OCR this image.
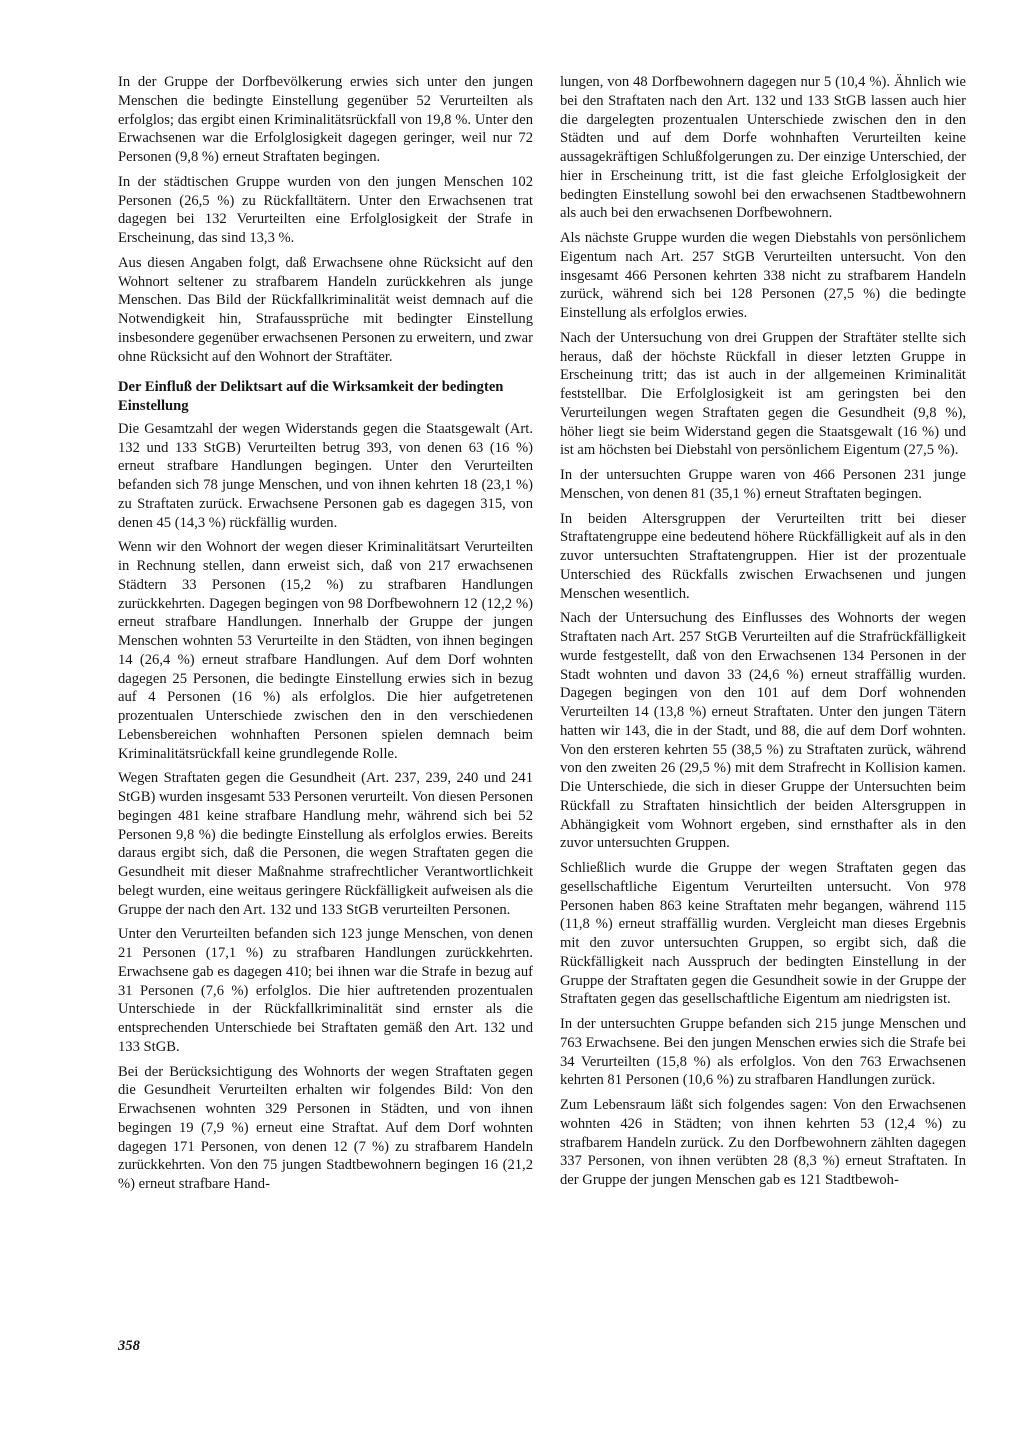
In der Gruppe der Dorfbevölkerung erwies sich unter den jungen Menschen die bedingte Einstellung gegenüber 52 Verurteilten als erfolglos; das ergibt einen Kriminalitätsrückfall von 19,8 %. Unter den Erwachsenen war die Erfolglosigkeit dagegen geringer, weil nur 72 Personen (9,8 %) erneut Straftaten begingen.

In der städtischen Gruppe wurden von den jungen Menschen 102 Personen (26,5 %) zu Rückfalltätern. Unter den Erwachsenen trat dagegen bei 132 Verurteilten eine Erfolglosigkeit der Strafe in Erscheinung, das sind 13,3 %.

Aus diesen Angaben folgt, daß Erwachsene ohne Rücksicht auf den Wohnort seltener zu strafbarem Handeln zurückkehren als junge Menschen. Das Bild der Rückfallkriminalität weist demnach auf die Notwendigkeit hin, Strafaussprüche mit bedingter Einstellung insbesondere gegenüber erwachsenen Personen zu erweitern, und zwar ohne Rücksicht auf den Wohnort der Straftäter.

Der Einfluß der Deliktsart auf die Wirksamkeit der bedingten Einstellung

Die Gesamtzahl der wegen Widerstands gegen die Staatsgewalt (Art. 132 und 133 StGB) Verurteilten betrug 393, von denen 63 (16 %) erneut strafbare Handlungen begingen. Unter den Verurteilten befanden sich 78 junge Menschen, und von ihnen kehrten 18 (23,1 %) zu Straftaten zurück. Erwachsene Personen gab es dagegen 315, von denen 45 (14,3 %) rückfällig wurden.

Wenn wir den Wohnort der wegen dieser Kriminalitätsart Verurteilten in Rechnung stellen, dann erweist sich, daß von 217 erwachsenen Städtern 33 Personen (15,2 %) zu strafbaren Handlungen zurückkehrten. Dagegen begingen von 98 Dorfbewohnern 12 (12,2 %) erneut strafbare Handlungen. Innerhalb der Gruppe der jungen Menschen wohnten 53 Verurteilte in den Städten, von ihnen begingen 14 (26,4 %) erneut strafbare Handlungen. Auf dem Dorf wohnten dagegen 25 Personen, die bedingte Einstellung erwies sich in bezug auf 4 Personen (16 %) als erfolglos. Die hier aufgetretenen prozentualen Unterschiede zwischen den in den verschiedenen Lebensbereichen wohnhaften Personen spielen demnach beim Kriminalitätsrückfall keine grundlegende Rolle.

Wegen Straftaten gegen die Gesundheit (Art. 237, 239, 240 und 241 StGB) wurden insgesamt 533 Personen verurteilt. Von diesen Personen begingen 481 keine strafbare Handlung mehr, während sich bei 52 Personen 9,8 %) die bedingte Einstellung als erfolglos erwies. Bereits daraus ergibt sich, daß die Personen, die wegen Straftaten gegen die Gesundheit mit dieser Maßnahme strafrechtlicher Verantwortlichkeit belegt wurden, eine weitaus geringere Rückfälligkeit aufweisen als die Gruppe der nach den Art. 132 und 133 StGB verurteilten Personen.

Unter den Verurteilten befanden sich 123 junge Menschen, von denen 21 Personen (17,1 %) zu strafbaren Handlungen zurückkehrten. Erwachsene gab es dagegen 410; bei ihnen war die Strafe in bezug auf 31 Personen (7,6 %) erfolglos. Die hier auftretenden prozentualen Unterschiede in der Rückfallkriminalität sind ernster als die entsprechenden Unterschiede bei Straftaten gemäß den Art. 132 und 133 StGB.

Bei der Berücksichtigung des Wohnorts der wegen Straftaten gegen die Gesundheit Verurteilten erhalten wir folgendes Bild: Von den Erwachsenen wohnten 329 Personen in Städten, und von ihnen begingen 19 (7,9 %) erneut eine Straftat. Auf dem Dorf wohnten dagegen 171 Personen, von denen 12 (7 %) zu strafbarem Handeln zurückkehrten. Von den 75 jungen Stadtbewohnern begingen 16 (21,2 %) erneut strafbare Hand-

lungen, von 48 Dorfbewohnern dagegen nur 5 (10,4 %). Ähnlich wie bei den Straftaten nach den Art. 132 und 133 StGB lassen auch hier die dargelegten prozentualen Unterschiede zwischen den in den Städten und auf dem Dorfe wohnhaften Verurteilten keine aussagekräftigen Schlußfolgerungen zu. Der einzige Unterschied, der hier in Erscheinung tritt, ist die fast gleiche Erfolglosigkeit der bedingten Einstellung sowohl bei den erwachsenen Stadtbewohnern als auch bei den erwachsenen Dorfbewohnern.

Als nächste Gruppe wurden die wegen Diebstahls von persönlichem Eigentum nach Art. 257 StGB Verurteilten untersucht. Von den insgesamt 466 Personen kehrten 338 nicht zu strafbarem Handeln zurück, während sich bei 128 Personen (27,5 %) die bedingte Einstellung als erfolglos erwies.

Nach der Untersuchung von drei Gruppen der Straftäter stellte sich heraus, daß der höchste Rückfall in dieser letzten Gruppe in Erscheinung tritt; das ist auch in der allgemeinen Kriminalität feststellbar. Die Erfolglosigkeit ist am geringsten bei den Verurteilungen wegen Straftaten gegen die Gesundheit (9,8 %), höher liegt sie beim Widerstand gegen die Staatsgewalt (16 %) und ist am höchsten bei Diebstahl von persönlichem Eigentum (27,5 %).

In der untersuchten Gruppe waren von 466 Personen 231 junge Menschen, von denen 81 (35,1 %) erneut Straftaten begingen.

In beiden Altersgruppen der Verurteilten tritt bei dieser Straftatengruppe eine bedeutend höhere Rückfälligkeit auf als in den zuvor untersuchten Straftatengruppen. Hier ist der prozentuale Unterschied des Rückfalls zwischen Erwachsenen und jungen Menschen wesentlich.

Nach der Untersuchung des Einflusses des Wohnorts der wegen Straftaten nach Art. 257 StGB Verurteilten auf die Strafrückfälligkeit wurde festgestellt, daß von den Erwachsenen 134 Personen in der Stadt wohnten und davon 33 (24,6 %) erneut straffällig wurden. Dagegen begingen von den 101 auf dem Dorf wohnenden Verurteilten 14 (13,8 %) erneut Straftaten. Unter den jungen Tätern hatten wir 143, die in der Stadt, und 88, die auf dem Dorf wohnten. Von den ersteren kehrten 55 (38,5 %) zu Straftaten zurück, während von den zweiten 26 (29,5 %) mit dem Strafrecht in Kollision kamen. Die Unterschiede, die sich in dieser Gruppe der Untersuchten beim Rückfall zu Straftaten hinsichtlich der beiden Altersgruppen in Abhängigkeit vom Wohnort ergeben, sind ernsthafter als in den zuvor untersuchten Gruppen.

Schließlich wurde die Gruppe der wegen Straftaten gegen das gesellschaftliche Eigentum Verurteilten untersucht. Von 978 Personen haben 863 keine Straftaten mehr begangen, während 115 (11,8 %) erneut straffällig wurden. Vergleicht man dieses Ergebnis mit den zuvor untersuchten Gruppen, so ergibt sich, daß die Rückfälligkeit nach Ausspruch der bedingten Einstellung in der Gruppe der Straftaten gegen die Gesundheit sowie in der Gruppe der Straftaten gegen das gesellschaftliche Eigentum am niedrigsten ist.

In der untersuchten Gruppe befanden sich 215 junge Menschen und 763 Erwachsene. Bei den jungen Menschen erwies sich die Strafe bei 34 Verurteilten (15,8 %) als erfolglos. Von den 763 Erwachsenen kehrten 81 Personen (10,6 %) zu strafbaren Handlungen zurück.

Zum Lebensraum läßt sich folgendes sagen: Von den Erwachsenen wohnten 426 in Städten; von ihnen kehrten 53 (12,4 %) zu strafbarem Handeln zurück. Zu den Dorfbewohnern zählten dagegen 337 Personen, von ihnen verübten 28 (8,3 %) erneut Straftaten. In der Gruppe der jungen Menschen gab es 121 Stadtbewoh-

358
